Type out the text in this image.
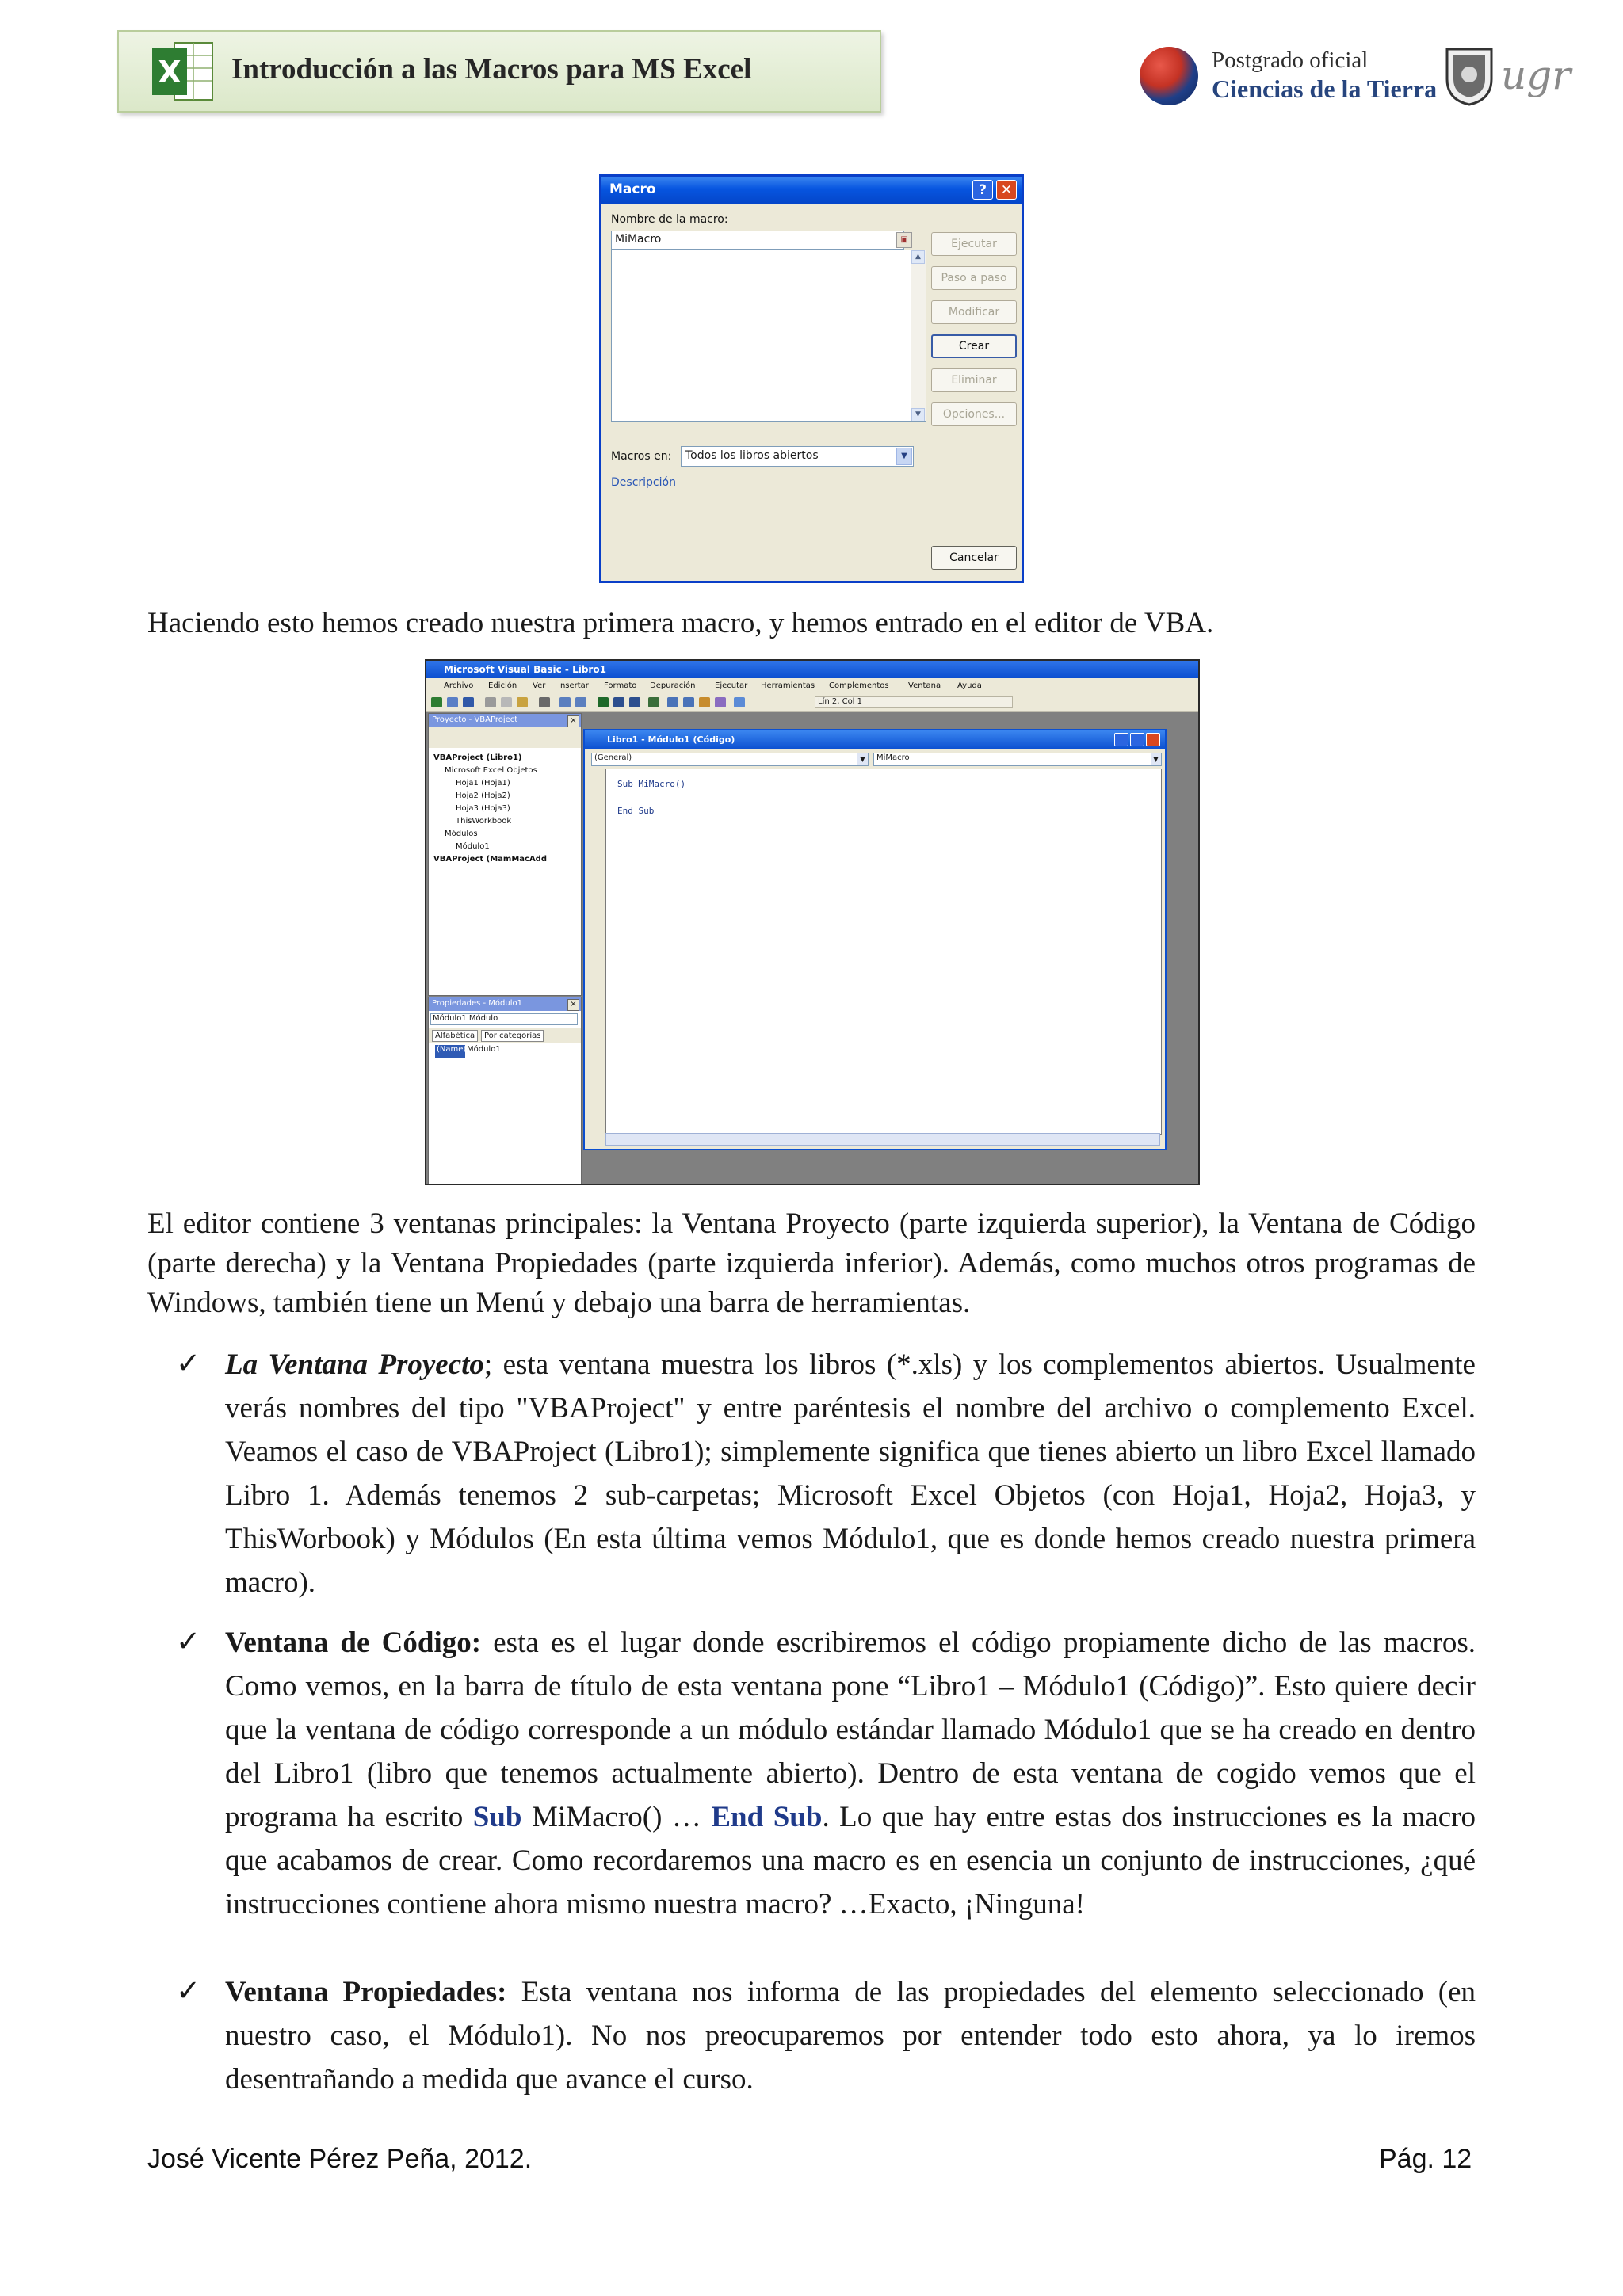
X Introducción a las Macros para MS Excel	Postgrado oficial
Ciencias de la Tierra ugr
Macro	?	✕
Nombre de la macro:
MiMacro	▣
▲
▼
Ejecutar
Paso a paso
Modificar
Crear
Eliminar
Opciones...
Macros en:	Todos los libros abiertos	▼
Descripción
Cancelar
Haciendo esto hemos creado nuestra primera macro, y hemos entrado en el editor de VBA.
Microsoft Visual Basic - Libro1
Archivo Edición Ver Insertar Formato Depuración Ejecutar Herramientas Complementos Ventana Ayuda
Lín 2, Col 1
Proyecto - VBAProject	×
VBAProject (Libro1)
Microsoft Excel Objetos
Hoja1 (Hoja1)
Hoja2 (Hoja2)
Hoja3 (Hoja3)
ThisWorkbook
Módulos
Módulo1
VBAProject (MamMacAdd
Propiedades - Módulo1	×
Módulo1 Módulo
Alfabética	Por categorías
(Name) Módulo1
Libro1 - Módulo1 (Código)
(General)	▼	MiMacro	▼
Sub MiMacro()
End Sub
El editor contiene 3 ventanas principales: la Ventana Proyecto (parte izquierda superior), la Ventana de Código (parte derecha) y la Ventana Propiedades (parte izquierda inferior). Además, como muchos otros programas de Windows, también tiene un Menú y debajo una barra de herramientas.
✓ La Ventana Proyecto; esta ventana muestra los libros (*.xls) y los complementos abiertos. Usualmente verás nombres del tipo "VBAProject" y entre paréntesis el nombre del archivo o complemento Excel. Veamos el caso de VBAProject (Libro1); simplemente significa que tienes abierto un libro Excel llamado Libro 1. Además tenemos 2 sub-carpetas; Microsoft Excel Objetos (con Hoja1, Hoja2, Hoja3, y ThisWorbook) y Módulos (En esta última vemos Módulo1, que es donde hemos creado nuestra primera macro).
✓ Ventana de Código: esta es el lugar donde escribiremos el código propiamente dicho de las macros. Como vemos, en la barra de título de esta ventana pone “Libro1 – Módulo1 (Código)”. Esto quiere decir que la ventana de código corresponde a un módulo estándar llamado Módulo1 que se ha creado en dentro del Libro1 (libro que tenemos actualmente abierto). Dentro de esta ventana de cogido vemos que el programa ha escrito Sub MiMacro() … End Sub. Lo que hay entre estas dos instrucciones es la macro que acabamos de crear. Como recordaremos una macro es en esencia un conjunto de instrucciones, ¿qué instrucciones contiene ahora mismo nuestra macro? …Exacto, ¡Ninguna!
✓ Ventana Propiedades: Esta ventana nos informa de las propiedades del elemento seleccionado (en nuestro caso, el Módulo1). No nos preocuparemos por entender todo esto ahora, ya lo iremos desentrañando a medida que avance el curso.
José Vicente Pérez Peña, 2012.	Pág. 12
